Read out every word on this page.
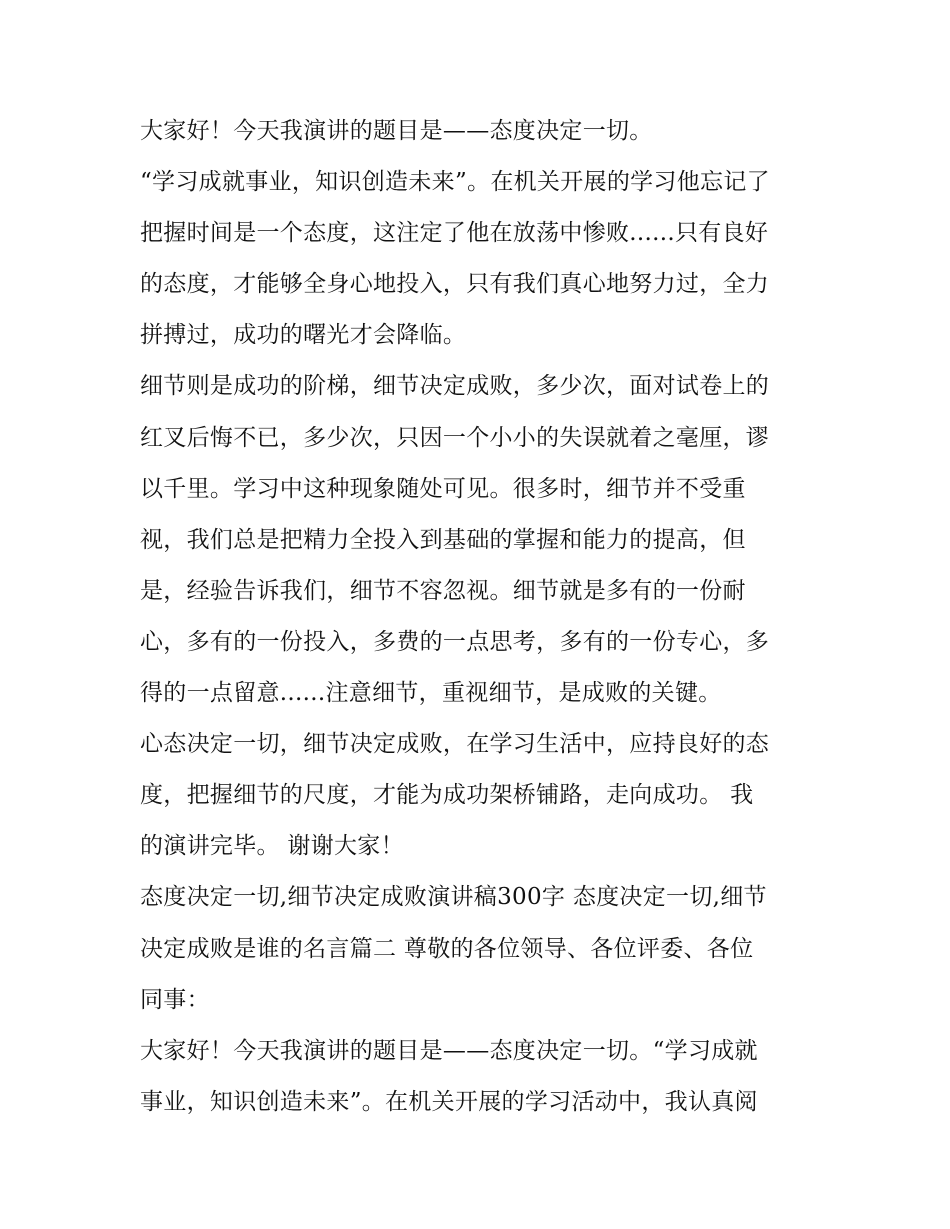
大家好！今天我演讲的题目是——态度决定一切。
“学习成就事业，知识创造未来”。在机关开展的学习他忘记了
把握时间是一个态度，这注定了他在放荡中惨败......只有良好
的态度，才能够全身心地投入，只有我们真心地努力过，全力
拼搏过，成功的曙光才会降临。
细节则是成功的阶梯，细节决定成败，多少次，面对试卷上的
红叉后悔不已，多少次，只因一个小小的失误就着之毫厘，谬
以千里。学习中这种现象随处可见。很多时，细节并不受重
视，我们总是把精力全投入到基础的掌握和能力的提高，但
是，经验告诉我们，细节不容忽视。细节就是多有的一份耐
心，多有的一份投入，多费的一点思考，多有的一份专心，多
得的一点留意......注意细节，重视细节，是成败的关键。
心态决定一切，细节决定成败，在学习生活中，应持良好的态
度，把握细节的尺度，才能为成功架桥铺路，走向成功。 我
的演讲完毕。 谢谢大家！
态度决定一切,细节决定成败演讲稿300字 态度决定一切,细节
决定成败是谁的名言篇二 尊敬的各位领导、各位评委、各位
同事：
大家好！今天我演讲的题目是——态度决定一切。“学习成就
事业，知识创造未来”。在机关开展的学习活动中，我认真阅
